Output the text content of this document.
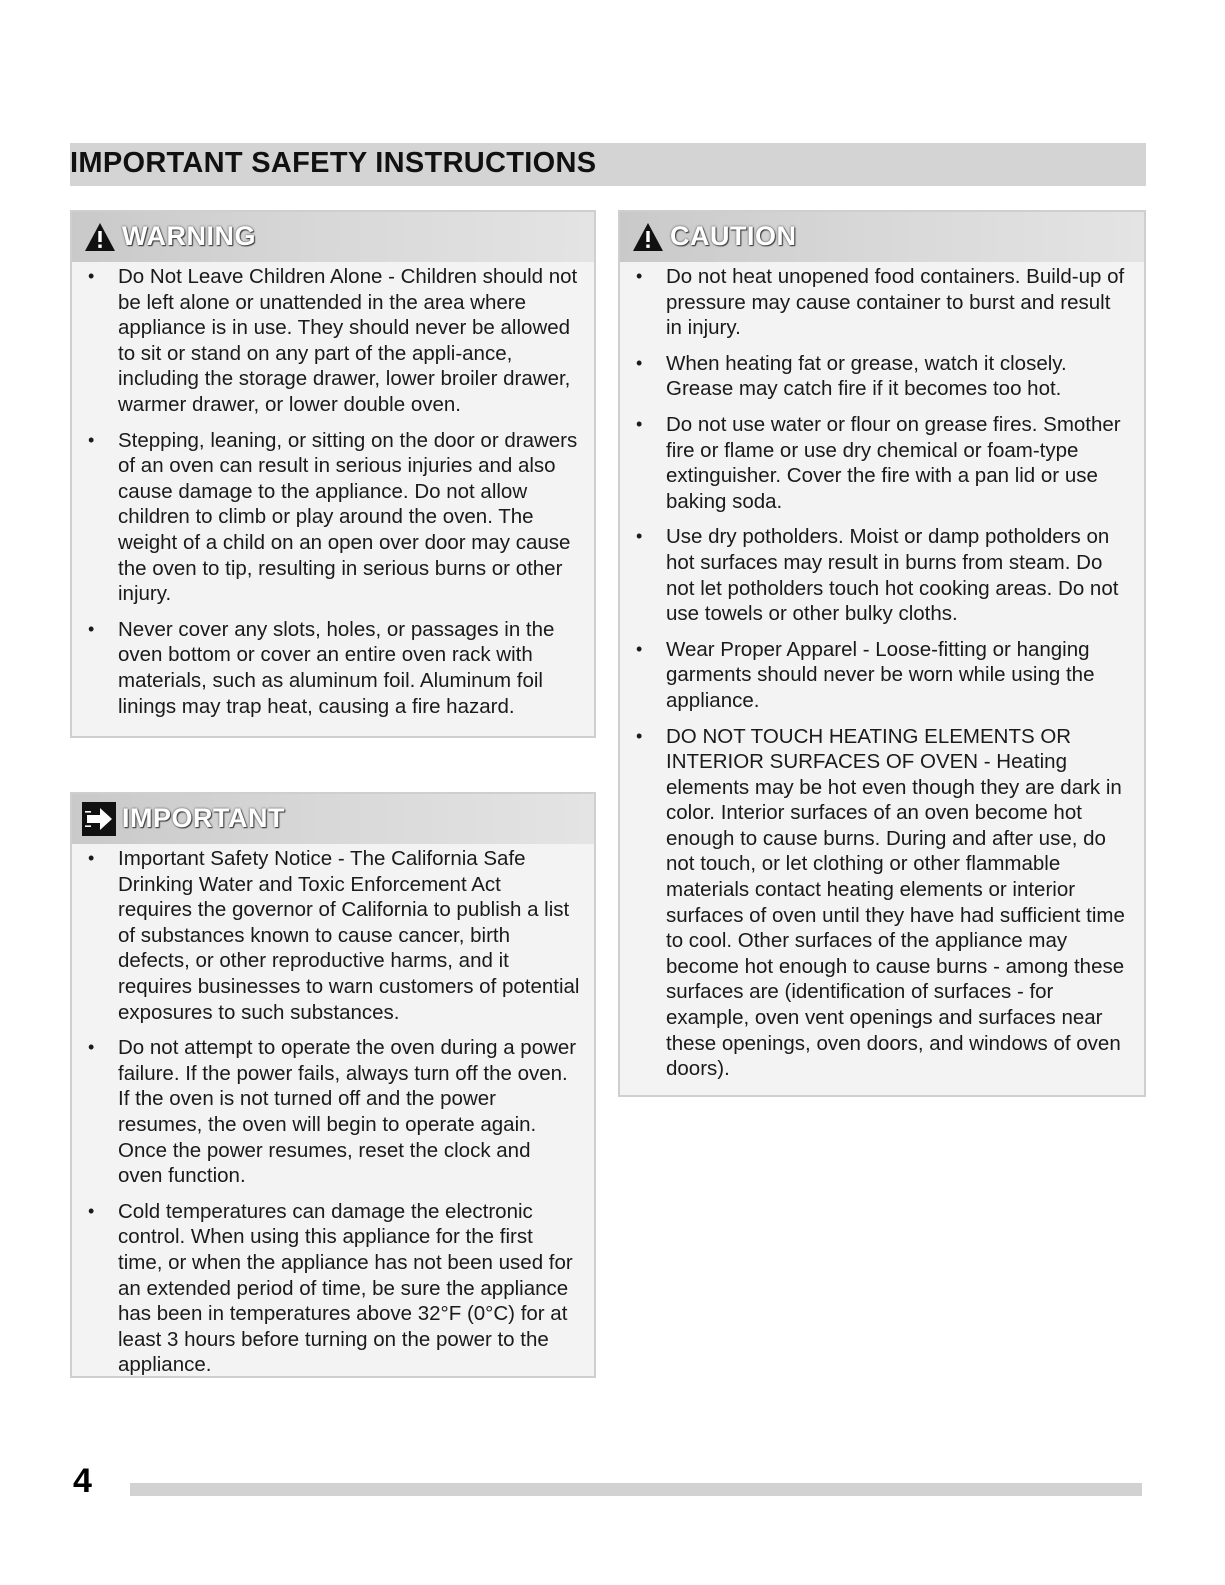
IMPORTANT SAFETY INSTRUCTIONS
WARNING
• Do Not Leave Children Alone - Children should not be left alone or unattended in the area where appliance is in use. They should never be allowed to sit or stand on any part of the appli-ance, including the storage drawer, lower broiler drawer, warmer drawer, or lower double oven.
• Stepping, leaning, or sitting on the door or drawers of an oven can result in serious injuries and also cause damage to the appliance. Do not allow children to climb or play around the oven. The weight of a child on an open over door may cause the oven to tip, resulting in serious burns or other injury.
• Never cover any slots, holes, or passages in the oven bottom or cover an entire oven rack with materials, such as aluminum foil. Aluminum foil linings may trap heat, causing a fire hazard.
IMPORTANT
• Important Safety Notice - The California Safe Drinking Water and Toxic Enforcement Act requires the governor of California to publish a list of substances known to cause cancer, birth defects, or other reproductive harms, and it requires businesses to warn customers of potential exposures to such substances.
• Do not attempt to operate the oven during a power failure. If the power fails, always turn off the oven. If the oven is not turned off and the power resumes, the oven will begin to operate again. Once the power resumes, reset the clock and oven function.
• Cold temperatures can damage the electronic control. When using this appliance for the first time, or when the appliance has not been used for an extended period of time, be sure the appliance has been in temperatures above 32°F (0°C) for at least 3 hours before turning on the power to the appliance.
CAUTION
• Do not heat unopened food containers. Build-up of pressure may cause container to burst and result in injury.
• When heating fat or grease, watch it closely. Grease may catch fire if it becomes too hot.
• Do not use water or flour on grease fires. Smother fire or flame or use dry chemical or foam-type extinguisher. Cover the fire with a pan lid or use baking soda.
• Use dry potholders. Moist or damp potholders on hot surfaces may result in burns from steam. Do not let potholders touch hot cooking areas. Do not use towels or other bulky cloths.
• Wear Proper Apparel - Loose-fitting or hanging garments should never be worn while using the appliance.
• DO NOT TOUCH HEATING ELEMENTS OR INTERIOR SURFACES OF OVEN - Heating elements may be hot even though they are dark in color. Interior surfaces of an oven become hot enough to cause burns. During and after use, do not touch, or let clothing or other flammable materials contact heating elements or interior surfaces of oven until they have had sufficient time to cool. Other surfaces of the appliance may become hot enough to cause burns - among these surfaces are (identification of surfaces - for example, oven vent openings and surfaces near these openings, oven doors, and windows of oven doors).
4
